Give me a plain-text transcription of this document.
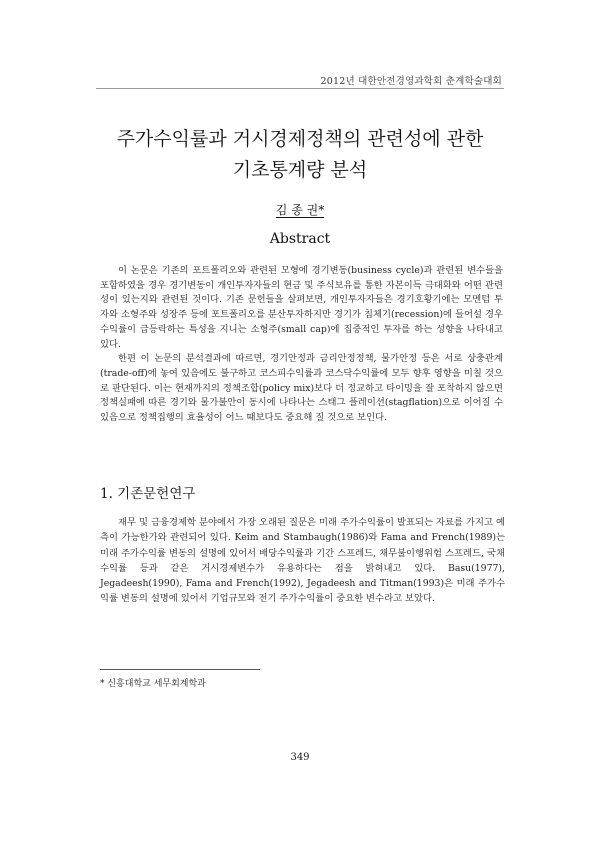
2012년 대한안전경영과학회 춘계학술대회
주가수익률과 거시경제정책의 관련성에 관한
기초통계량 분석
김 종 권*
Abstract

이 논문은 기존의 포트폴리오와 관련된 모형에 경기변동(business cycle)과 관련된 변수들을 포함하였을 경우 경기변동이 개인투자자들의 현금 및 주식보유를 통한 자본이득 극대화와 어떤 관련성이 있는지와 관련된 것이다. 기존 문헌들을 살펴보면, 개인투자자들은 경기호황기에는 모멘텀 투자와 소형주와 성장주 등에 포트폴리오를 분산투자하지만 경기가 침체기(recession)에 들어설 경우 수익률이 급등락하는 특성을 지니는 소형주(small cap)에 집중적인 투자를 하는 성향을 나타내고 있다.

한편 이 논문의 분석결과에 따르면, 경기안정과 금리안정정책, 물가안정 등은 서로 상충관계(trade-off)에 놓여 있음에도 불구하고 코스피수익률과 코스닥수익률에 모두 향후 영향을 미칠 것으로 판단된다. 이는 현재까지의 정책조합(policy mix)보다 더 정교하고 타이밍을 잘 포착하지 않으면 정책실패에 따른 경기와 물가불안이 동시에 나타나는 스태그 플레이션(stagflation)으로 이어질 수 있음으로 정책집행의 효율성이 어느 때보다도 중요해 질 것으로 보인다.

1. 기존문헌연구

재무 및 금융경제학 분야에서 가장 오래된 질문은 미래 주가수익률이 발표되는 자료를 가지고 예측이 가능한가와 관련되어 있다. Keim and Stambaugh(1986)와 Fama and French(1989)는 미래 주가수익률 변동의 설명에 있어서 배당수익률과 기간 스프레드, 채무불이행위험 스프레드, 국채수익률 등과 같은 거시경제변수가 유용하다는 점을 밝혀내고 있다. Basu(1977), Jegadeesh(1990), Fama and French(1992), Jegadeesh and Titman(1993)은 미래 주가수익률 변동의 설명에 있어서 기업규모와 전기 주가수익률이 중요한 변수라고 보았다.

* 신흥대학교 세무회계학과
349
